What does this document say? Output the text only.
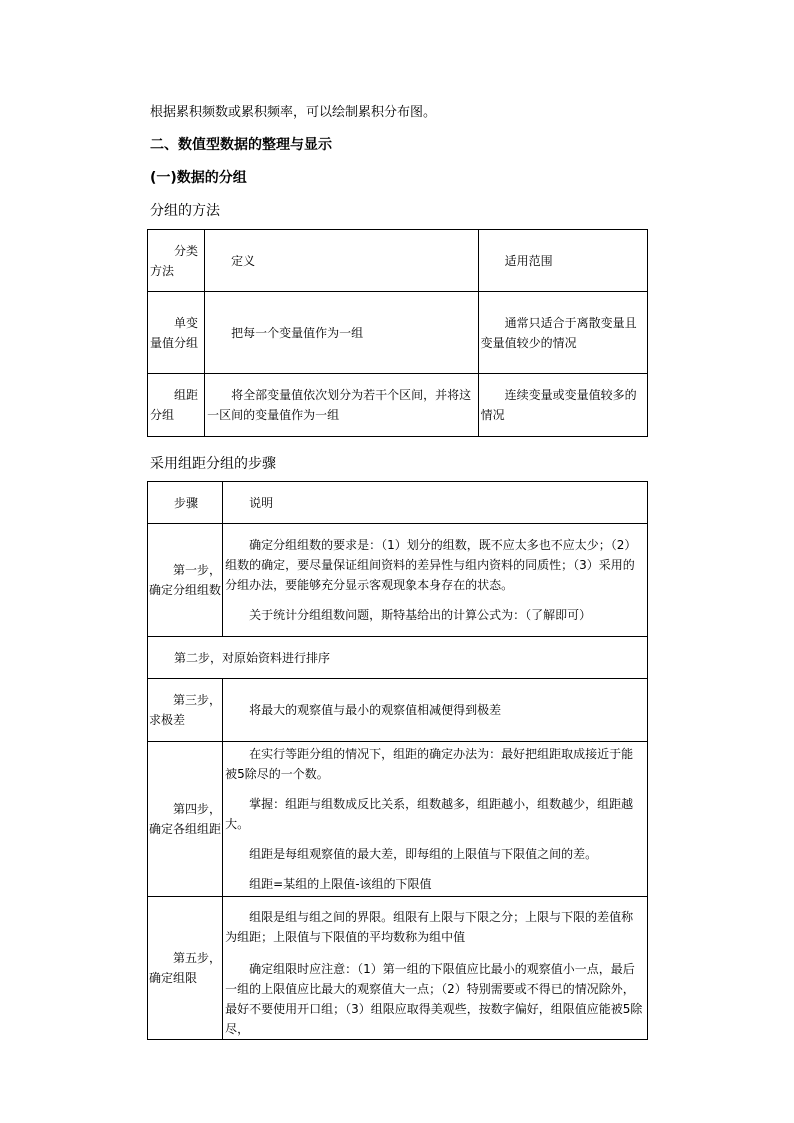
根据累积频数或累积频率，可以绘制累积分布图。
二、数值型数据的整理与显示
(一)数据的分组
分组的方法
分类方法	定义	适用范围

单变量值分组	把每一个变量值作为一组	通常只适合于离散变量且变量值较少的情况

组距分组	将全部变量值依次划分为若干个区间，并将这一区间的变量值作为一组	连续变量或变量值较多的情况
采用组距分组的步骤
步骤	说明

第一步，确定分组组数	确定分组组数的要求是：（1）划分的组数，既不应太多也不应太少；（2）组数的确定，要尽量保证组间资料的差异性与组内资料的同质性；（3）采用的分组办法，要能够充分显示客观现象本身存在的状态。

关于统计分组组数问题，斯特基给出的计算公式为：（了解即可）

第二步，对原始资料进行排序	

第三步，求极差	将最大的观察值与最小的观察值相减便得到极差

第四步，确定各组组距	在实行等距分组的情况下，组距的确定办法为：最好把组距取成接近于能被5除尽的一个数。

掌握：组距与组数成反比关系，组数越多，组距越小，组数越少，组距越大。

组距是每组观察值的最大差，即每组的上限值与下限值之间的差。

组距=某组的上限值-该组的下限值

第五步，确定组限	组限是组与组之间的界限。组限有上限与下限之分；上限与下限的差值称为组距；上限值与下限值的平均数称为组中值

确定组限时应注意：（1）第一组的下限值应比最小的观察值小一点，最后一组的上限值应比最大的观察值大一点；（2）特别需要或不得已的情况除外，最好不要使用开口组；（3）组限应取得美观些，按数字偏好，组限值应能被5除尽，
